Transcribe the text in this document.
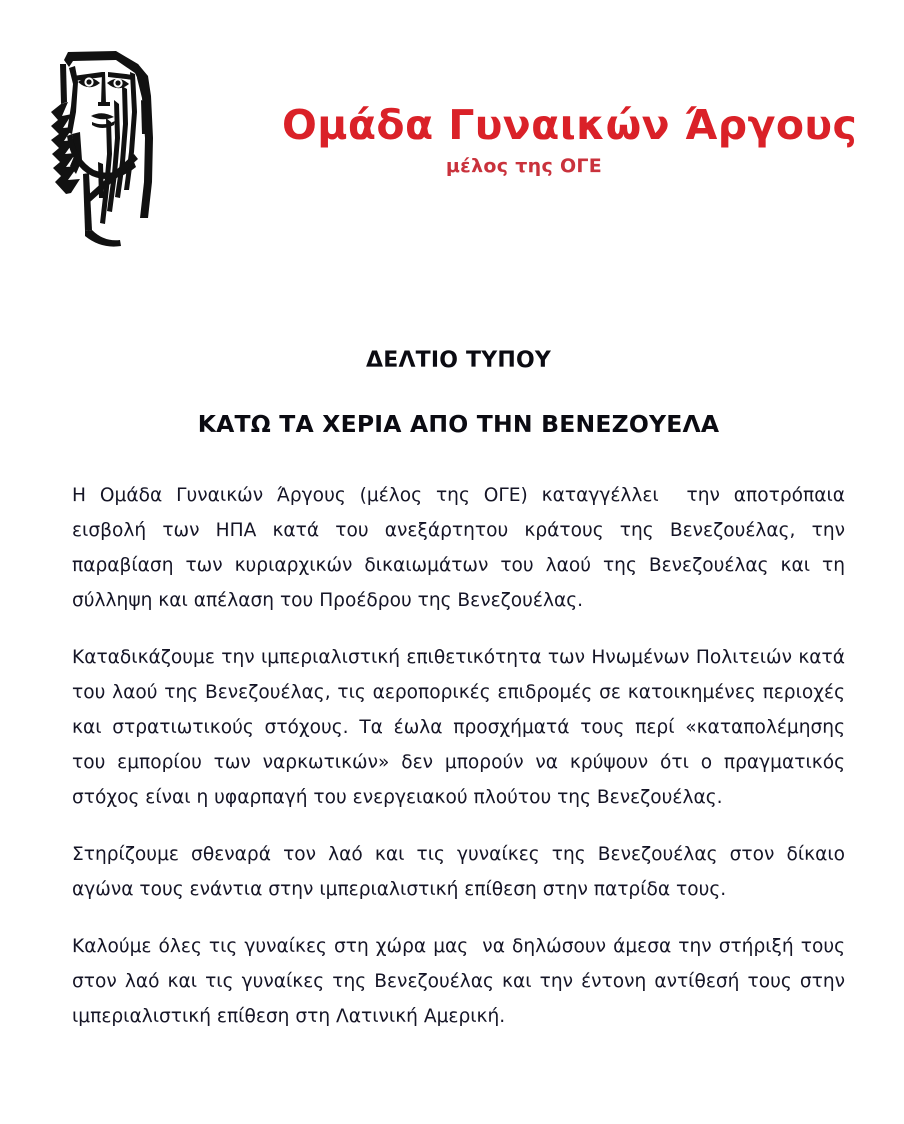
Ομάδα Γυναικών Άργους
μέλος της ΟΓΕ
ΔΕΛΤΙΟ ΤΥΠΟΥ
ΚΑΤΩ ΤΑ ΧΕΡΙΑ ΑΠΟ ΤΗΝ ΒΕΝΕΖΟΥΕΛΑ

Η Ομάδα Γυναικών Άργους (μέλος της ΟΓΕ) καταγγέλλει  την αποτρόπαια εισβολή των ΗΠΑ κατά του ανεξάρτητου κράτους της Βενεζουέλας, την παραβίαση των κυριαρχικών δικαιωμάτων του λαού της Βενεζουέλας και τη σύλληψη και απέλαση του Προέδρου της Βενεζουέλας.

Καταδικάζουμε την ιμπεριαλιστική επιθετικότητα των Ηνωμένων Πολιτειών κατά του λαού της Βενεζουέλας, τις αεροπορικές επιδρομές σε κατοικημένες περιοχές και στρατιωτικούς στόχους. Τα έωλα προσχήματά τους περί «καταπολέμησης του εμπορίου των ναρκωτικών» δεν μπορούν να κρύψουν ότι ο πραγματικός στόχος είναι η υφαρπαγή του ενεργειακού πλούτου της Βενεζουέλας.

Στηρίζουμε σθεναρά τον λαό και τις γυναίκες της Βενεζουέλας στον δίκαιο αγώνα τους ενάντια στην ιμπεριαλιστική επίθεση στην πατρίδα τους.

Καλούμε όλες τις γυναίκες στη χώρα μας  να δηλώσουν άμεσα την στήριξή τους στον λαό και τις γυναίκες της Βενεζουέλας και την έντονη αντίθεσή τους στην ιμπεριαλιστική επίθεση στη Λατινική Αμερική.
